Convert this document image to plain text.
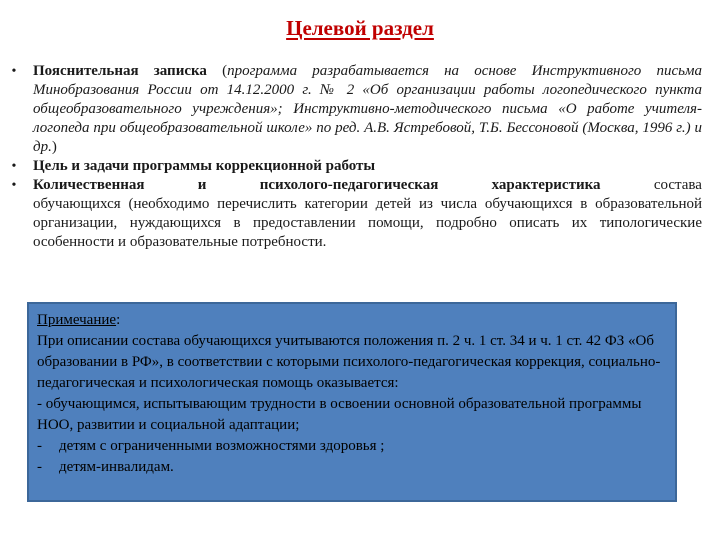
Целевой раздел
• Пояснительная записка (программа разрабатывается на основе Инструктивного письма Минобразования России от 14.12.2000 г. № 2 «Об организации работы логопедического пункта общеобразовательного учреждения»; Инструктивно-методического письма «О работе учителя-логопеда при общеобразовательной школе» по ред. А.В. Ястребовой, Т.Б. Бессоновой (Москва, 1996 г.) и др.)
• Цель и задачи программы коррекционной работы
• Количественная	и	психолого-педагогическая	характеристика	состава
обучающихся (необходимо перечислить категории детей из числа обучающихся в образовательной организации, нуждающихся в предоставлении помощи, подробно описать их типологические особенности и образовательные потребности.

Примечание:

При описании состава обучающихся учитываются положения п. 2 ч. 1 ст. 34 и ч. 1 ст. 42 ФЗ «Об образовании в РФ», в соответствии с которыми психолого-педагогическая коррекция, социально-педагогическая и психологическая помощь оказывается:

- обучающимся, испытывающим трудности в освоении основной образовательной программы НОО, развитии и социальной адаптации;

- детям с ограниченными возможностями здоровья ;

- детям-инвалидам.
